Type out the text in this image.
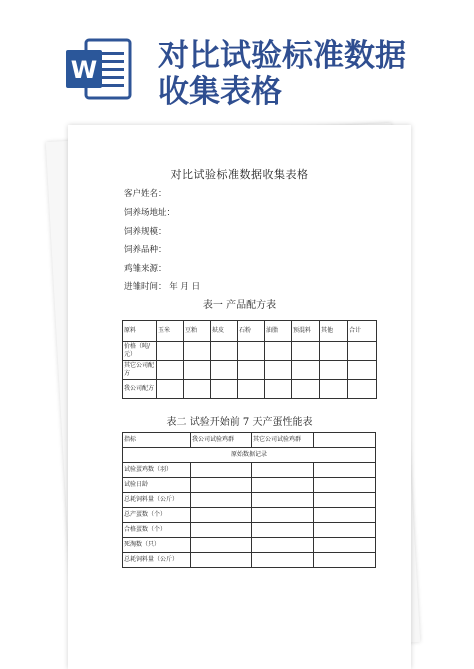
W 对比试验标准数据
收集表格

对比试验标准数据收集表格
客户姓名：
饲养场地址：
饲养规模：
饲养品种：
鸡雏来源：
进雏时间： 年 月 日
表一 产品配方表
原料	玉米	豆粕	麸皮	石粉	油脂	预混料	其他	合计
价格（吨/元）								
其它公司配方								
我公司配方								
表二 试验开始前 7 天产蛋性能表
指标	我公司试验鸡群	其它公司试验鸡群	
原始数据记录			
试验蛋鸡数（羽）			
试验日龄			
总耗饲料量（公斤）			
总产蛋数（个）			
合格蛋数（个）			
死淘数（只）			
总耗饲料量（公斤）			
